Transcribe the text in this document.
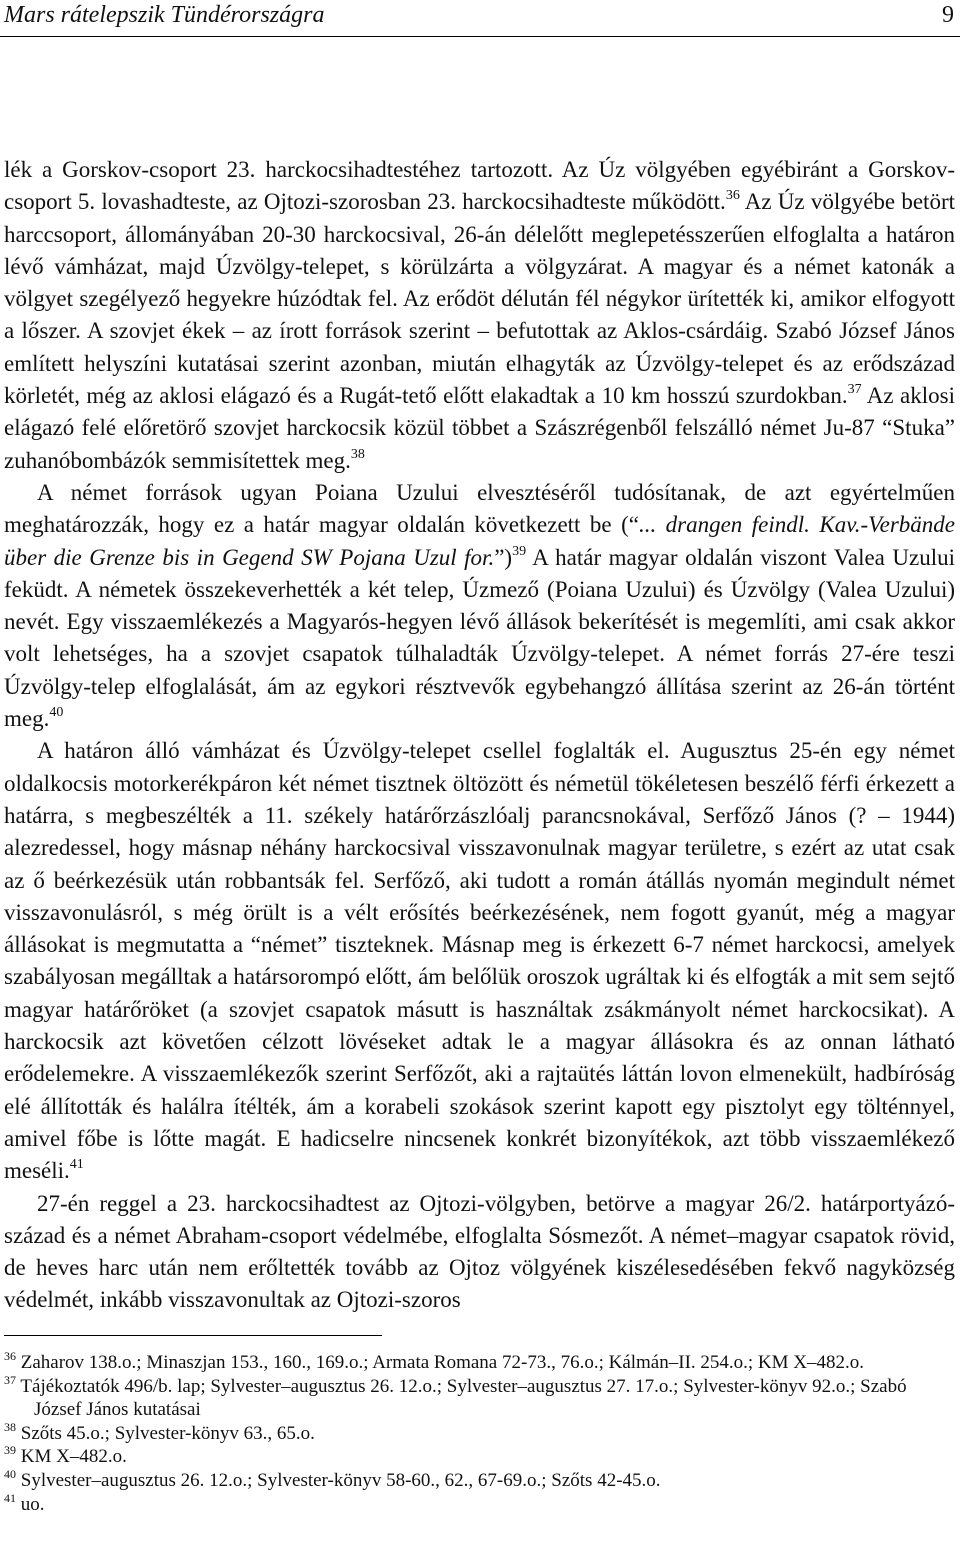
Mars rátelepszik Tündérországra	9

lék a Gorskov-csoport 23. harckocsihadtestéhez tartozott. Az Úz völgyében egyébiránt a Gorskov-csoport 5. lovashadteste, az Ojtozi-szorosban 23. harckocsihadteste működött.$^{36}$ Az Úz völgyébe betört harccsoport, állományában 20-30 harckocsival, 26-án délelőtt meglepetésszerűen elfoglalta a határon lévő vámházat, majd Úzvölgy-telepet, s körülzárta a völgyzárat. A magyar és a német katonák a völgyet szegélyező hegyekre húzódtak fel. Az erődöt délután fél négykor ürítették ki, amikor elfogyott a lőszer. A szovjet ékek – az írott források szerint – befutottak az Aklos-csárdáig. Szabó József János említett helyszíni kutatásai szerint azonban, miután elhagyták az Úzvölgy-telepet és az erődszázad körletét, még az aklosi elágazó és a Rugát-tető előtt elakadtak a 10 km hosszú szurdokban.$^{37}$ Az aklosi elágazó felé előretörő szovjet harckocsik közül többet a Szászrégenből felszálló német Ju-87 “Stuka” zuhanóbombázók semmisítettek meg.$^{38}$

A német források ugyan Poiana Uzului elvesztéséről tudósítanak, de azt egyértelműen meghatározzák, hogy ez a határ magyar oldalán következett be (“... drangen feindl. Kav.-Verbände über die Grenze bis in Gegend SW Pojana Uzul for.”)$^{39}$ A határ magyar oldalán viszont Valea Uzului feküdt. A németek összekeverhették a két telep, Úzmező (Poiana Uzului) és Úzvölgy (Valea Uzului) nevét. Egy visszaemlékezés a Magyarós-hegyen lévő állások bekerítését is megemlíti, ami csak akkor volt lehetséges, ha a szovjet csapatok túlhaladták Úzvölgy-telepet. A német forrás 27-ére teszi Úzvölgy-telep elfoglalását, ám az egykori résztvevők egybehangzó állítása szerint az 26-án történt meg.$^{40}$

A határon álló vámházat és Úzvölgy-telepet csellel foglalták el. Augusztus 25-én egy német oldalkocsis motorkerékpáron két német tisztnek öltözött és németül tökéletesen beszélő férfi érkezett a határra, s megbeszélték a 11. székely határőrzászlóalj parancsnokával, Serfőző János (? – 1944) alezredessel, hogy másnap néhány harckocsival visszavonulnak magyar területre, s ezért az utat csak az ő beérkezésük után robbantsák fel. Serfőző, aki tudott a román átállás nyomán megindult német visszavonulásról, s még örült is a vélt erősítés beérkezésének, nem fogott gyanút, még a magyar állásokat is megmutatta a “német” tiszteknek. Másnap meg is érkezett 6-7 német harckocsi, amelyek szabályosan megálltak a határsorompó előtt, ám belőlük oroszok ugráltak ki és elfogták a mit sem sejtő magyar határőröket (a szovjet csapatok másutt is használtak zsákmányolt német harckocsikat). A harckocsik azt követően célzott lövéseket adtak le a magyar állásokra és az onnan látható erődelemekre. A visszaemlékezők szerint Serfőzőt, aki a rajtaütés láttán lovon elmenekült, hadbíróság elé állították és halálra ítélték, ám a korabeli szokások szerint kapott egy pisztolyt egy tölténnyel, amivel főbe is lőtte magát. E hadicselre nincsenek konkrét bizonyítékok, azt több visszaemlékező meséli.$^{41}$

27-én reggel a 23. harckocsihadtest az Ojtozi-völgyben, betörve a magyar 26/2. határportyázó-század és a német Abraham-csoport védelmébe, elfoglalta Sósmezőt. A német–magyar csapatok rövid, de heves harc után nem erőltették tovább az Ojtoz völgyének kiszélesedésében fekvő nagyközség védelmét, inkább visszavonultak az Ojtozi-szoros

$^{36}$ Zaharov 138.o.; Minaszjan 153., 160., 169.o.; Armata Romana 72-73., 76.o.; Kálmán–II. 254.o.; KM X–482.o.
$^{37}$ Tájékoztatók 496/b. lap; Sylvester–augusztus 26. 12.o.; Sylvester–augusztus 27. 17.o.; Sylvester-könyv 92.o.; Szabó József János kutatásai
$^{38}$ Szőts 45.o.; Sylvester-könyv 63., 65.o.
$^{39}$ KM X–482.o.
$^{40}$ Sylvester–augusztus 26. 12.o.; Sylvester-könyv 58-60., 62., 67-69.o.; Szőts 42-45.o.
$^{41}$ uo.
